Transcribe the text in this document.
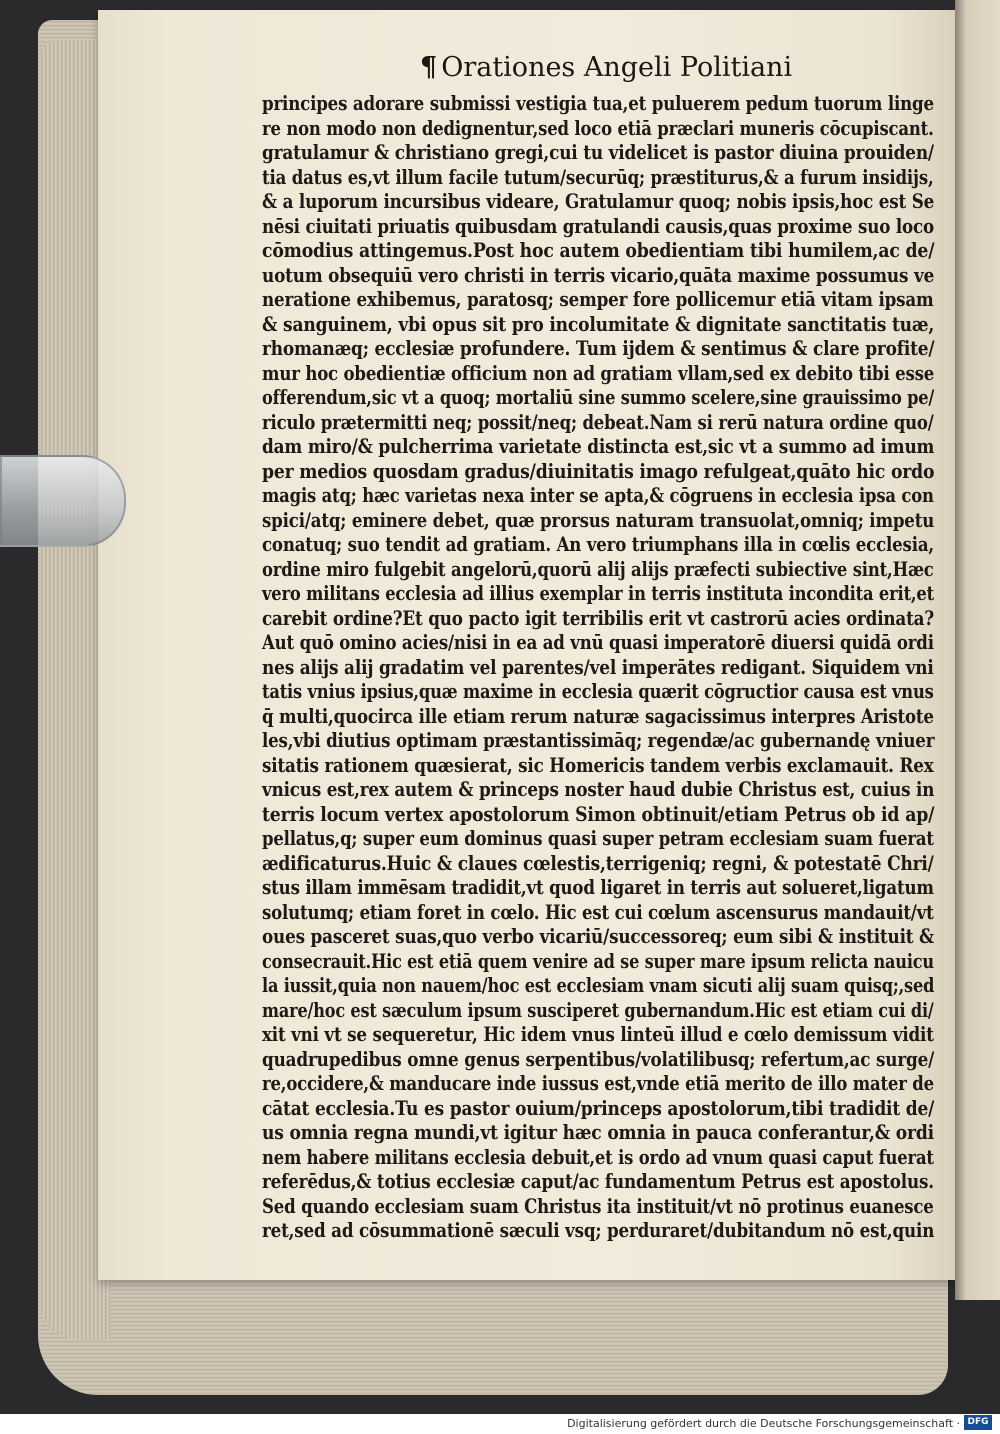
¶ Orationes Angeli Politiani
principes adorare submissi vestigia tua,et puluerem pedum tuorum linge
re non modo non dedignentur,sed loco etiā præclari muneris cōcupiscant.
gratulamur & christiano gregi,cui tu videlicet is pastor diuina prouiden/
tia datus es,vt illum facile tutum/securūq; præstiturus,& a furum insidijs,
& a luporum incursibus videare, Gratulamur quoq; nobis ipsis,hoc est Se
nēsi ciuitati priuatis quibusdam gratulandi causis,quas proxime suo loco
cōmodius attingemus.Post hoc autem obedientiam tibi humilem,ac de/
uotum obsequiū vero christi in terris vicario,quāta maxime possumus ve
neratione exhibemus, paratosq; semper fore pollicemur etiā vitam ipsam
& sanguinem, vbi opus sit pro incolumitate & dignitate sanctitatis tuæ,
rhomanæq; ecclesiæ profundere. Tum ijdem & sentimus & clare profite/
mur hoc obedientiæ officium non ad gratiam vllam,sed ex debito tibi esse
offerendum,sic vt a quoq; mortaliū sine summo scelere,sine grauissimo pe/
riculo prætermitti neq; possit/neq; debeat.Nam si rerū natura ordine quo/
dam miro/& pulcherrima varietate distincta est,sic vt a summo ad imum
per medios quosdam gradus/diuinitatis imago refulgeat,quāto hic ordo
magis atq; hæc varietas nexa inter se apta,& cōgruens in ecclesia ipsa con
spici/atq; eminere debet, quæ prorsus naturam transuolat,omniq; impetu
conatuq; suo tendit ad gratiam. An vero triumphans illa in cœlis ecclesia,
ordine miro fulgebit angelorū,quorū alij alijs præfecti subiective sint,Hæc
vero militans ecclesia ad illius exemplar in terris instituta incondita erit,et
carebit ordine?Et quo pacto igit terribilis erit vt castrorū acies ordinata?
Aut quō omino acies/nisi in ea ad vnū quasi imperatorē diuersi quidā ordi
nes alijs alij gradatim vel parentes/vel imperātes redigant. Siquidem vni
tatis vnius ipsius,quæ maxime in ecclesia quærit cōgructior causa est vnus
q̄ multi,quocirca ille etiam rerum naturæ sagacissimus interpres Aristote
les,vbi diutius optimam præstantissimāq; regendæ/ac gubernandę vniuer
sitatis rationem quæsierat, sic Homericis tandem verbis exclamauit. Rex
vnicus est,rex autem & princeps noster haud dubie Christus est, cuius in
terris locum vertex apostolorum Simon obtinuit/etiam Petrus ob id ap/
pellatus,q; super eum dominus quasi super petram ecclesiam suam fuerat
ædificaturus.Huic & claues cœlestis,terrigeniq; regni, & potestatē Chri/
stus illam immēsam tradidit,vt quod ligaret in terris aut solueret,ligatum
solutumq; etiam foret in cœlo. Hic est cui cœlum ascensurus mandauit/vt
oues pasceret suas,quo verbo vicariū/successoreq; eum sibi & instituit &
consecrauit.Hic est etiā quem venire ad se super mare ipsum relicta nauicu
la iussit,quia non nauem/hoc est ecclesiam vnam sicuti alij suam quisq;,sed
mare/hoc est sæculum ipsum susciperet gubernandum.Hic est etiam cui di/
xit vni vt se sequeretur, Hic idem vnus linteū illud e cœlo demissum vidit
quadrupedibus omne genus serpentibus/volatilibusq; refertum,ac surge/
re,occidere,& manducare inde iussus est,vnde etiā merito de illo mater de
cātat ecclesia.Tu es pastor ouium/princeps apostolorum,tibi tradidit de/
us omnia regna mundi,vt igitur hæc omnia in pauca conferantur,& ordi
nem habere militans ecclesia debuit,et is ordo ad vnum quasi caput fuerat
referēdus,& totius ecclesiæ caput/ac fundamentum Petrus est apostolus.
Sed quando ecclesiam suam Christus ita instituit/vt nō protinus euanesce
ret,sed ad cōsummationē sæculi vsq; perduraret/dubitandum nō est,quin
Digitalisierung gefördert durch die Deutsche Forschungsgemeinschaft · DFG
